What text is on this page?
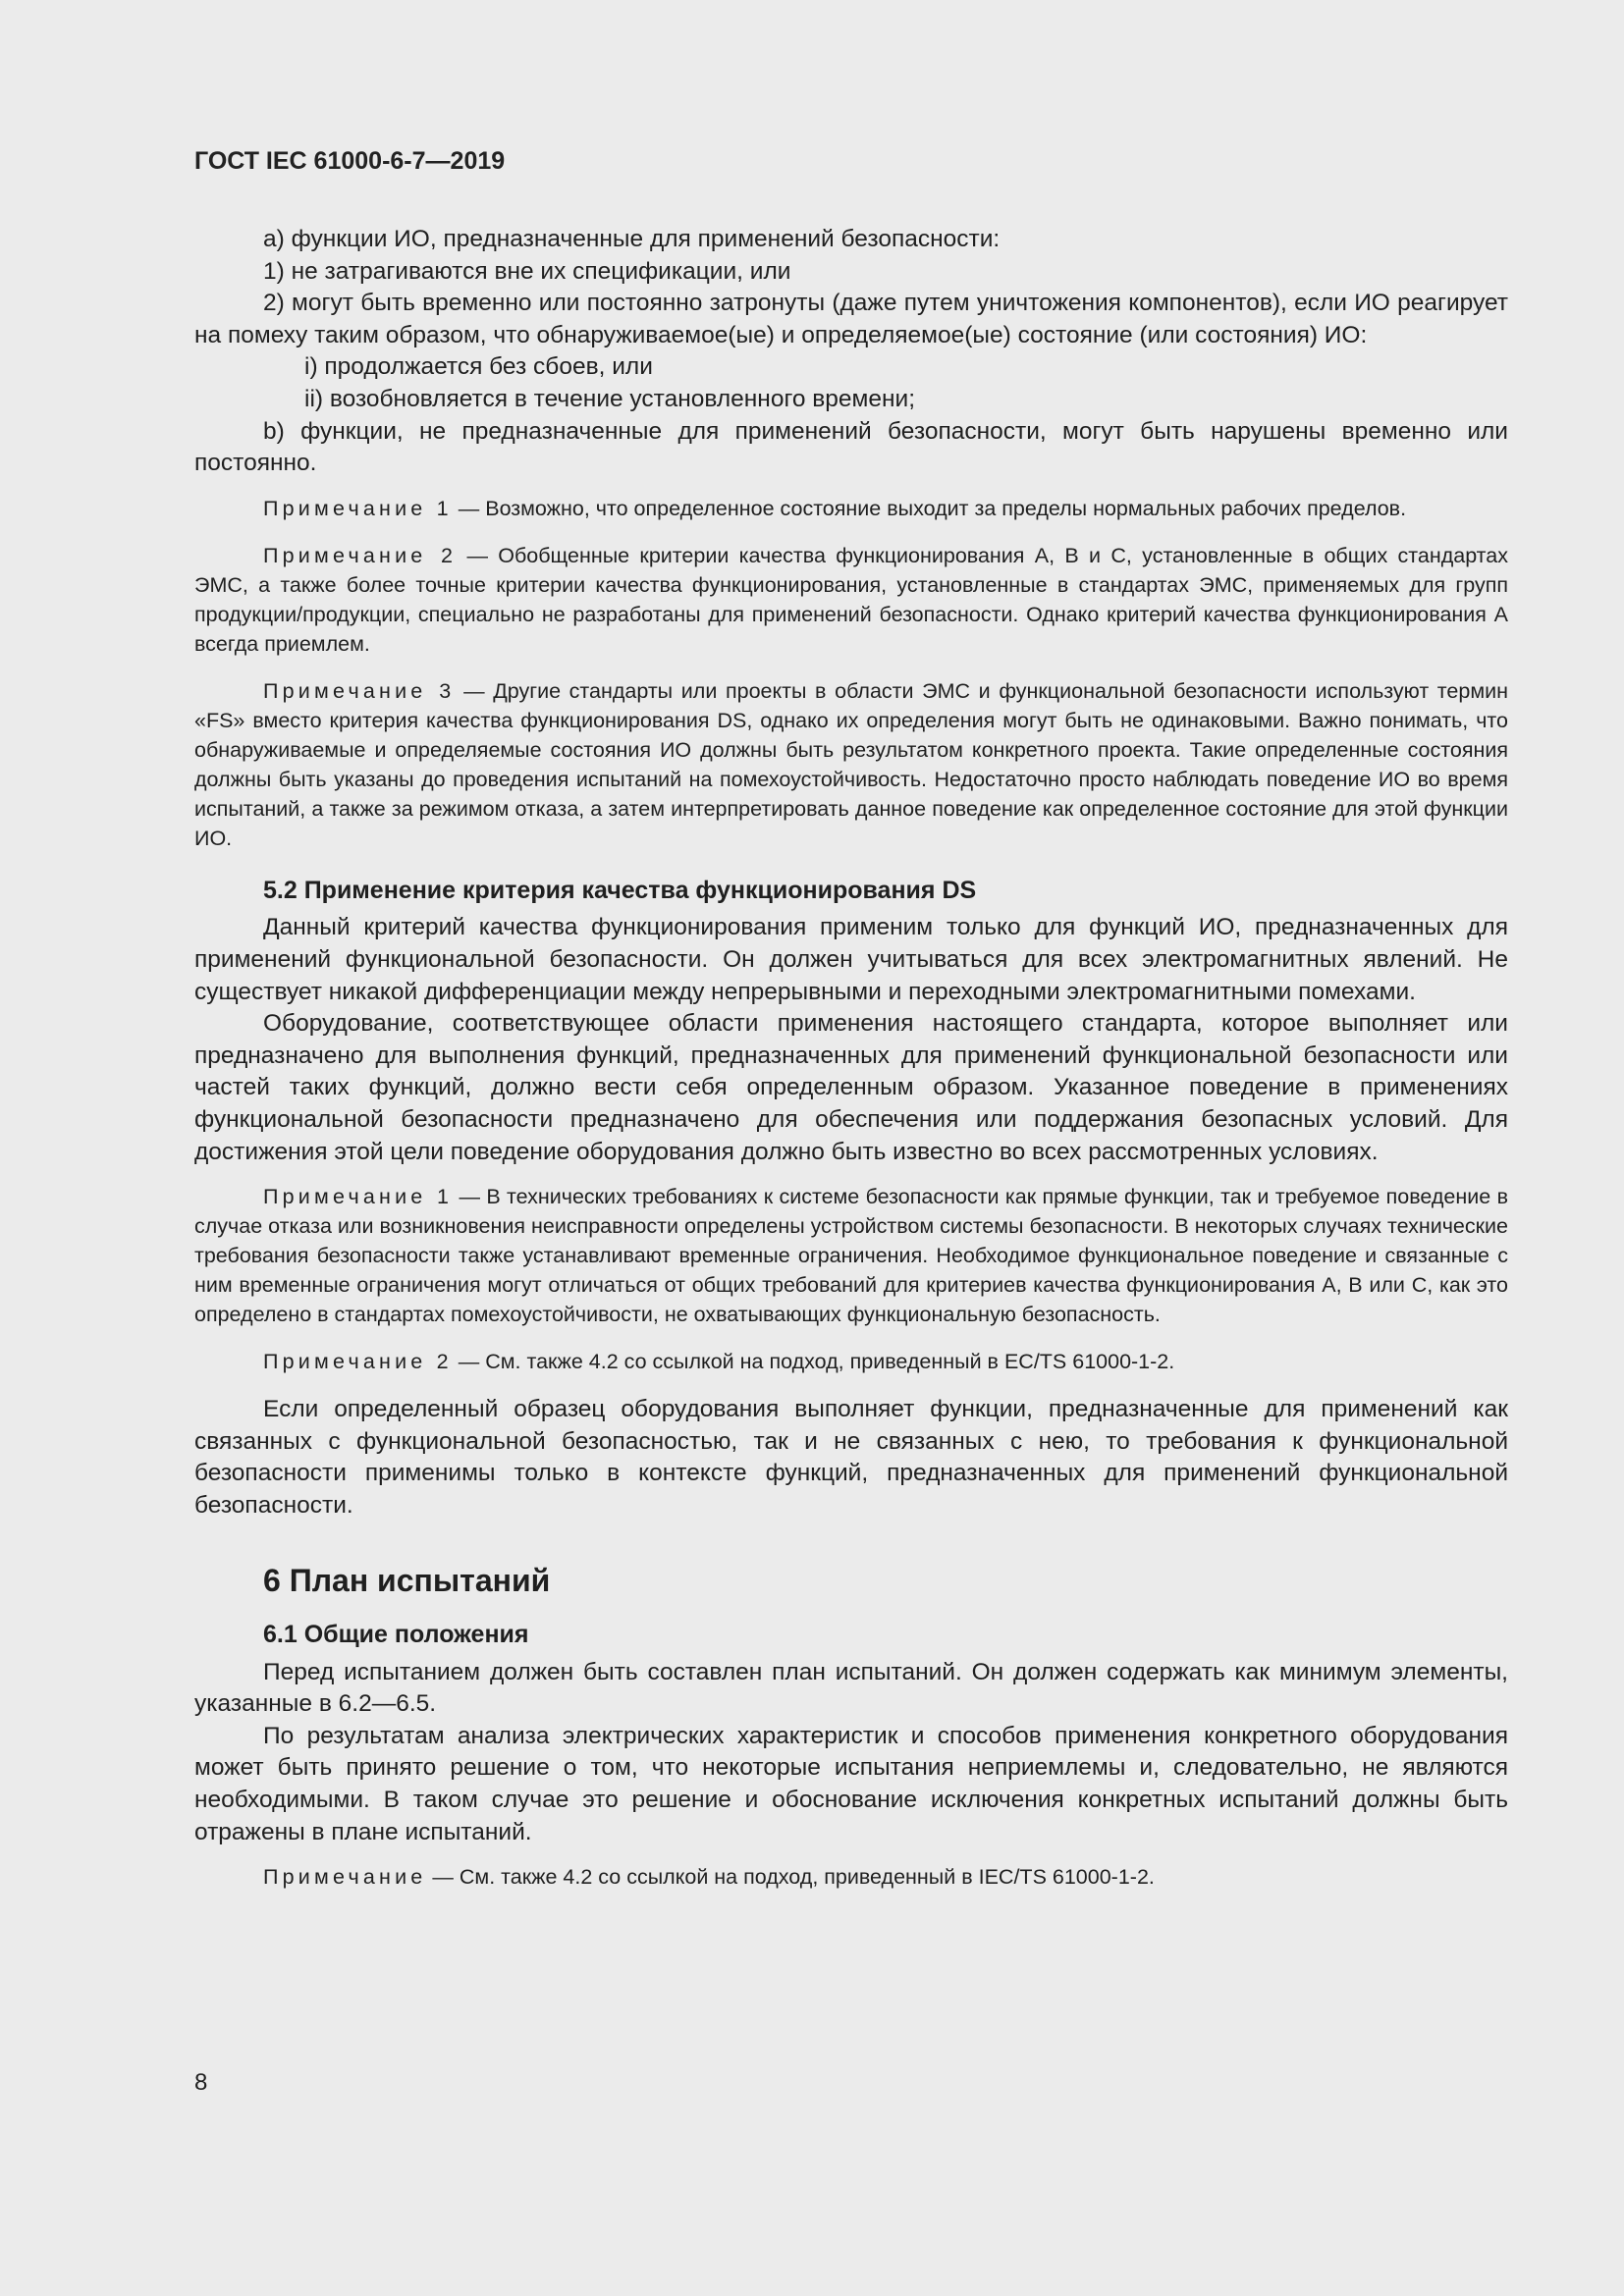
ГОСТ IEC 61000-6-7—2019

а) функции ИО, предназначенные для применений безопасности:

1) не затрагиваются вне их спецификации, или

2) могут быть временно или постоянно затронуты (даже путем уничтожения компонентов), если ИО реагирует на помеху таким образом, что обнаруживаемое(ые) и определяемое(ые) состояние (или состояния) ИО:

i) продолжается без сбоев, или

ii) возобновляется в течение установленного времени;

b) функции, не предназначенные для применений безопасности, могут быть нарушены временно или постоянно.

Примечание 1 — Возможно, что определенное состояние выходит за пределы нормальных рабочих пределов.

Примечание 2 — Обобщенные критерии качества функционирования A, B и C, установленные в общих стандартах ЭМС, а также более точные критерии качества функционирования, установленные в стандартах ЭМС, применяемых для групп продукции/продукции, специально не разработаны для применений безопасности. Однако критерий качества функционирования A всегда приемлем.

Примечание 3 — Другие стандарты или проекты в области ЭМС и функциональной безопасности используют термин «FS» вместо критерия качества функционирования DS, однако их определения могут быть не одинаковыми. Важно понимать, что обнаруживаемые и определяемые состояния ИО должны быть результатом конкретного проекта. Такие определенные состояния должны быть указаны до проведения испытаний на помехоустойчивость. Недостаточно просто наблюдать поведение ИО во время испытаний, а также за режимом отказа, а затем интерпретировать данное поведение как определенное состояние для этой функции ИО.

5.2 Применение критерия качества функционирования DS

Данный критерий качества функционирования применим только для функций ИО, предназначенных для применений функциональной безопасности. Он должен учитываться для всех электромагнитных явлений. Не существует никакой дифференциации между непрерывными и переходными электромагнитными помехами.

Оборудование, соответствующее области применения настоящего стандарта, которое выполняет или предназначено для выполнения функций, предназначенных для применений функциональной безопасности или частей таких функций, должно вести себя определенным образом. Указанное поведение в применениях функциональной безопасности предназначено для обеспечения или поддержания безопасных условий. Для достижения этой цели поведение оборудования должно быть известно во всех рассмотренных условиях.

Примечание 1 — В технических требованиях к системе безопасности как прямые функции, так и требуемое поведение в случае отказа или возникновения неисправности определены устройством системы безопасности. В некоторых случаях технические требования безопасности также устанавливают временные ограничения. Необходимое функциональное поведение и связанные с ним временные ограничения могут отличаться от общих требований для критериев качества функционирования A, B или C, как это определено в стандартах помехоустойчивости, не охватывающих функциональную безопасность.

Примечание 2 — См. также 4.2 со ссылкой на подход, приведенный в EC/TS 61000-1-2.

Если определенный образец оборудования выполняет функции, предназначенные для применений как связанных с функциональной безопасностью, так и не связанных с нею, то требования к функциональной безопасности применимы только в контексте функций, предназначенных для применений функциональной безопасности.

6 План испытаний

6.1 Общие положения

Перед испытанием должен быть составлен план испытаний. Он должен содержать как минимум элементы, указанные в 6.2—6.5.

По результатам анализа электрических характеристик и способов применения конкретного оборудования может быть принято решение о том, что некоторые испытания неприемлемы и, следовательно, не являются необходимыми. В таком случае это решение и обоснование исключения конкретных испытаний должны быть отражены в плане испытаний.

Примечание — См. также 4.2 со ссылкой на подход, приведенный в IEC/TS 61000-1-2.

8
